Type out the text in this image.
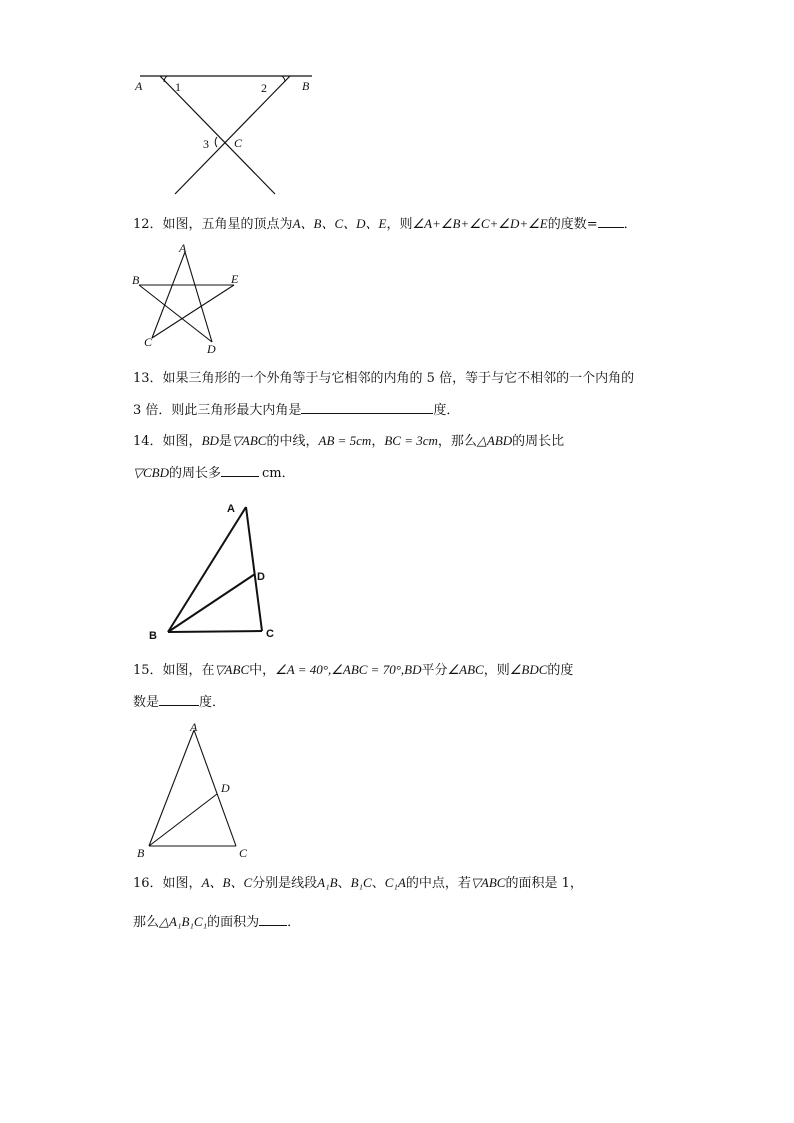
A	1	2	B
3 C
12．如图，五角星的顶点为A、B、C、D、E，则∠A+∠B+∠C+∠D+∠E的度数= ．
A
B	E
C	D
13．如果三角形的一个外角等于与它相邻的内角的 5 倍，等于与它不相邻的一个内角的
3 倍．则此三角形最大内角是	度．
14．如图，BD是▽ABC的中线，AB = 5cm，BC = 3cm，那么△ABD的周长比
▽CBD的周长多	cm．
A
D
B	C
15．如图，在▽ABC中，∠A = 40°,∠ABC = 70°,BD平分∠ABC，则∠BDC的度
数是	度．
A
D
B	C
16．如图，A、B、C分别是线段A₁B、B₁C、C₁A的中点，若▽ABC的面积是 1，
那么△A₁B₁C₁的面积为 ．
